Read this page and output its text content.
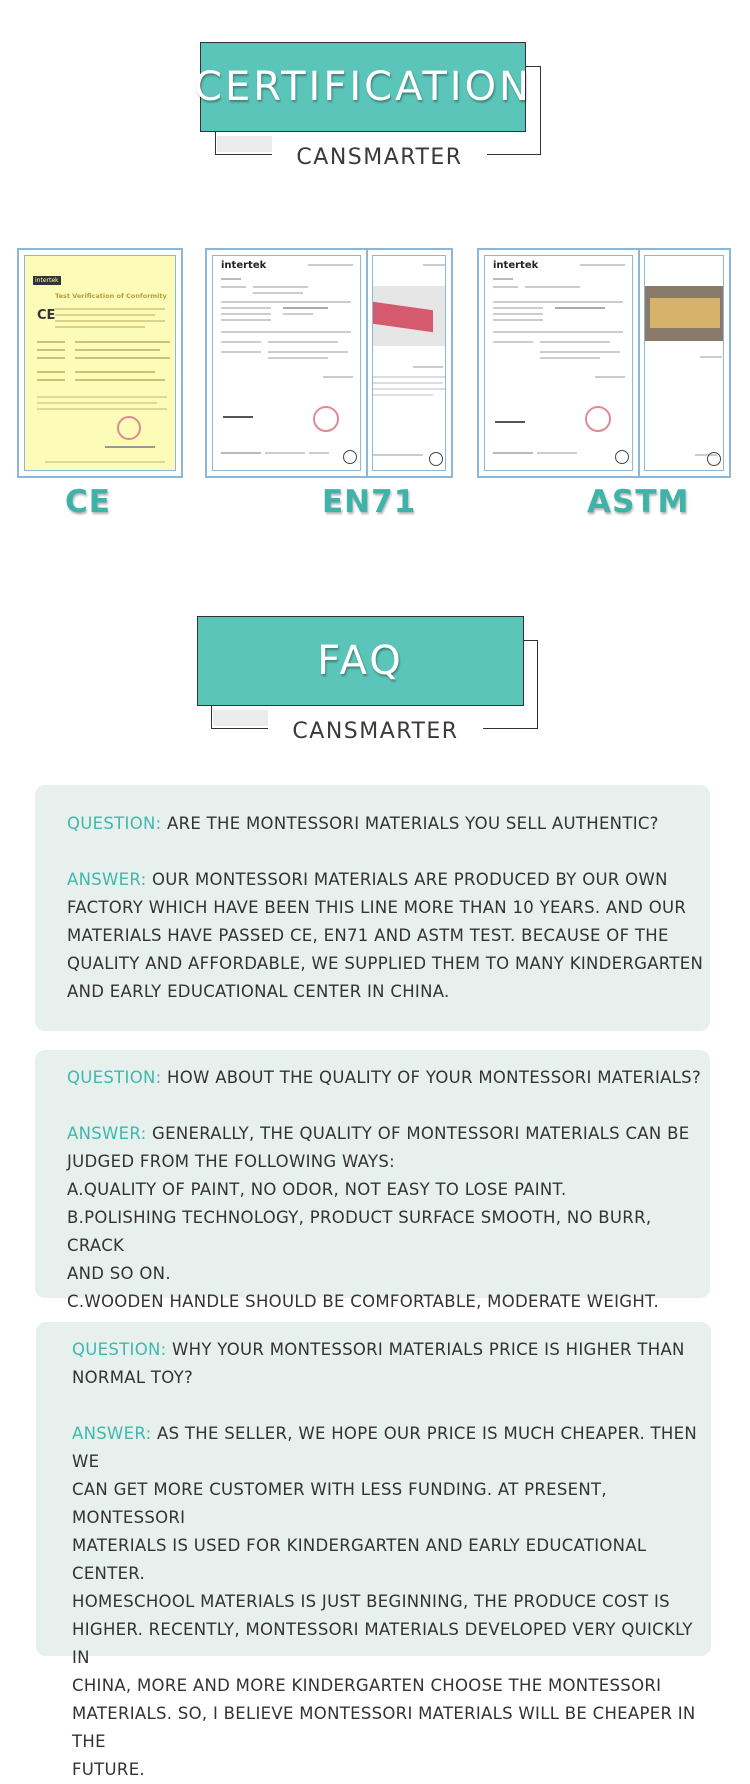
CERTIFICATION
CANSMARTER
intertek
Test Verification of Conformity
CE
CE
intertek
EN71
intertek
ASTM
FAQ
CANSMARTER

QUESTION: ARE THE MONTESSORI MATERIALS YOU SELL AUTHENTIC?

ANSWER: OUR MONTESSORI MATERIALS ARE PRODUCED BY OUR OWN

FACTORY WHICH HAVE BEEN THIS LINE MORE THAN 10 YEARS. AND OUR

MATERIALS HAVE PASSED CE, EN71 AND ASTM TEST. BECAUSE OF THE

QUALITY AND AFFORDABLE, WE SUPPLIED THEM TO MANY KINDERGARTEN

AND EARLY EDUCATIONAL CENTER IN CHINA.

QUESTION: HOW ABOUT THE QUALITY OF YOUR MONTESSORI MATERIALS?

ANSWER: GENERALLY, THE QUALITY OF MONTESSORI MATERIALS CAN BE

JUDGED FROM THE FOLLOWING WAYS:

A.QUALITY OF PAINT, NO ODOR, NOT EASY TO LOSE PAINT.

B.POLISHING TECHNOLOGY, PRODUCT SURFACE SMOOTH, NO BURR, CRACK

AND SO ON.

C.WOODEN HANDLE SHOULD BE COMFORTABLE, MODERATE WEIGHT.

QUESTION: WHY YOUR MONTESSORI MATERIALS PRICE IS HIGHER THAN

NORMAL TOY?

ANSWER: AS THE SELLER, WE HOPE OUR PRICE IS MUCH CHEAPER. THEN WE

CAN GET MORE CUSTOMER WITH LESS FUNDING. AT PRESENT, MONTESSORI

MATERIALS IS USED FOR KINDERGARTEN AND EARLY EDUCATIONAL CENTER.

HOMESCHOOL MATERIALS IS JUST BEGINNING, THE PRODUCE COST IS

HIGHER. RECENTLY, MONTESSORI MATERIALS DEVELOPED VERY QUICKLY IN

CHINA, MORE AND MORE KINDERGARTEN CHOOSE THE MONTESSORI

MATERIALS. SO, I BELIEVE MONTESSORI MATERIALS WILL BE CHEAPER IN THE

FUTURE.
